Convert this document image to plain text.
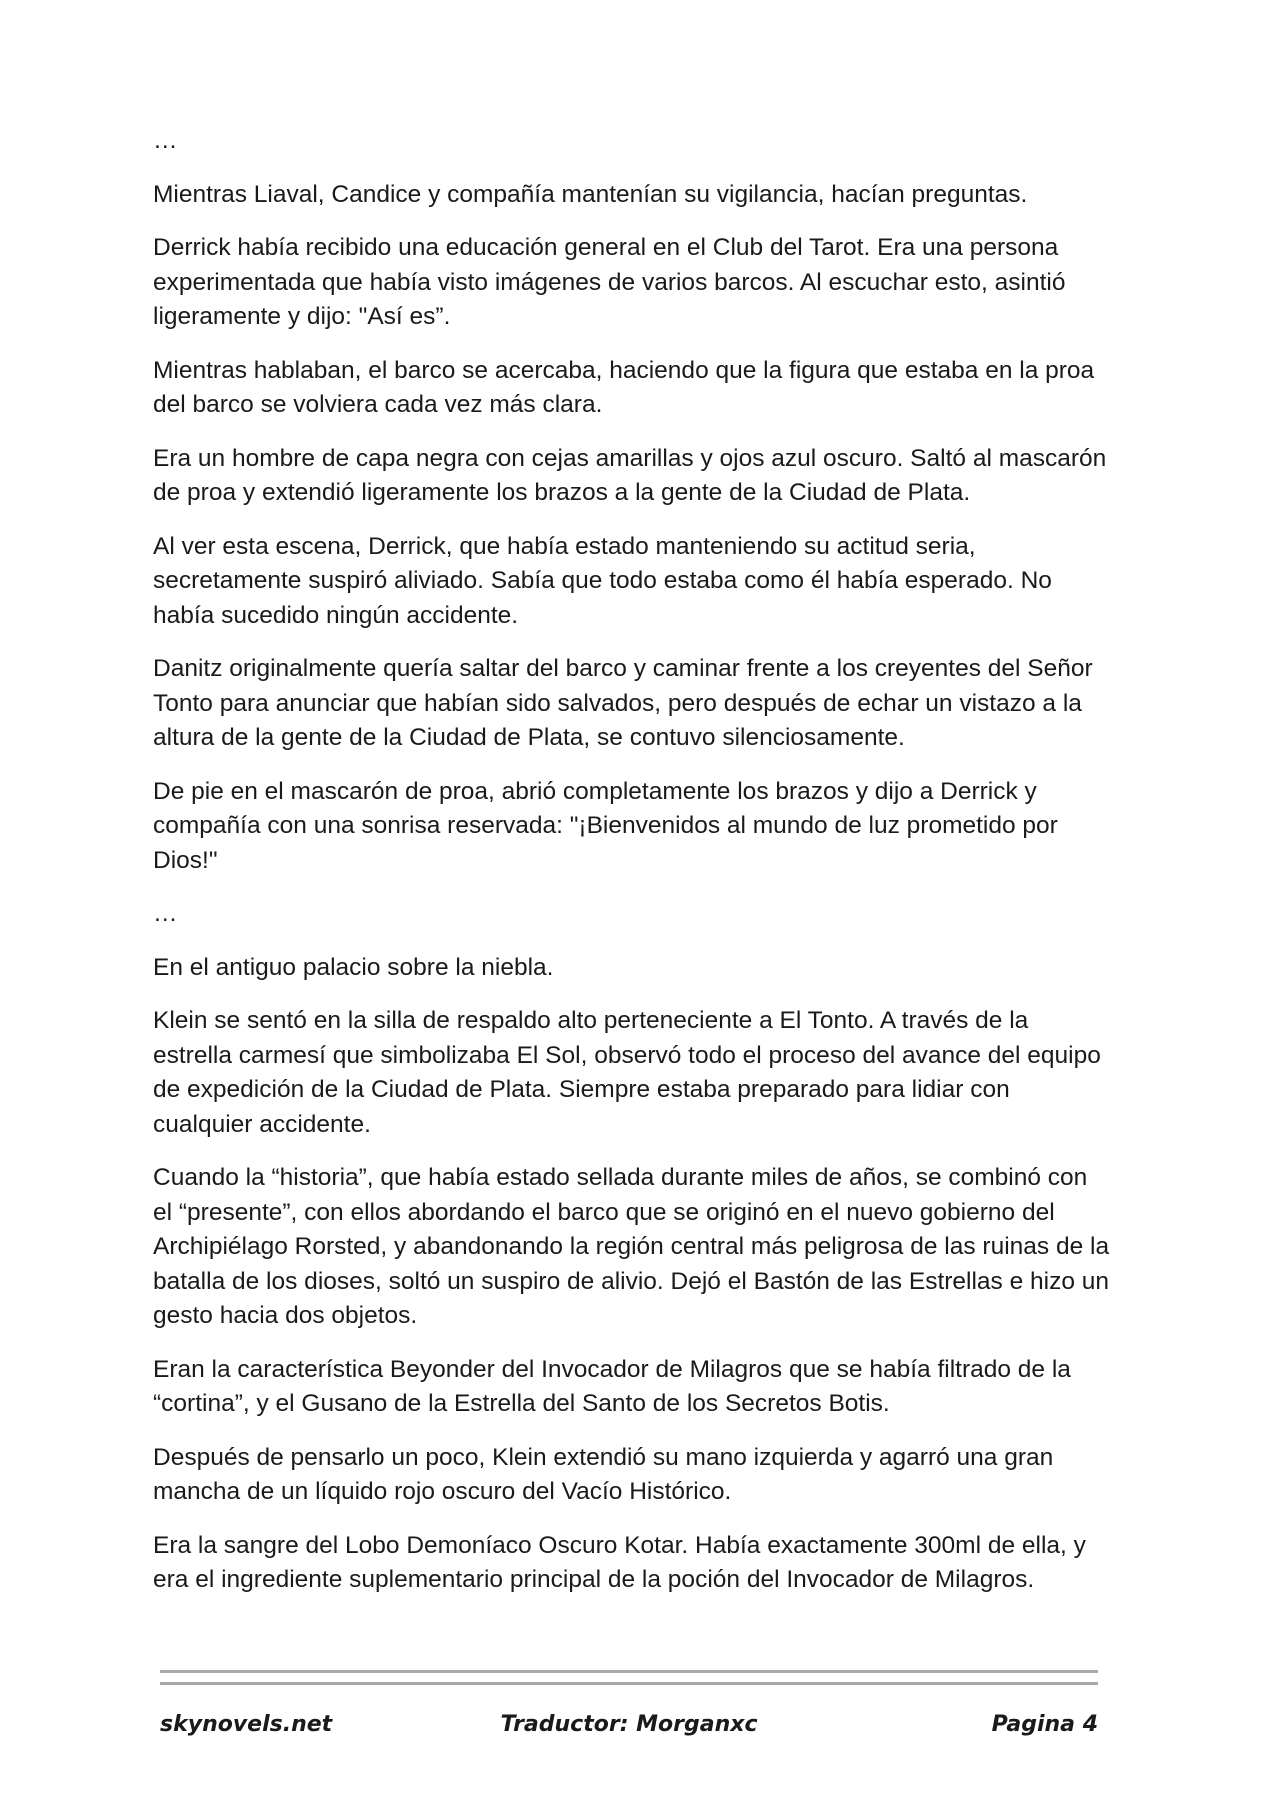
…

Mientras Liaval, Candice y compañía mantenían su vigilancia, hacían preguntas.

Derrick había recibido una educación general en el Club del Tarot. Era una persona experimentada que había visto imágenes de varios barcos. Al escuchar esto, asintió ligeramente y dijo: "Así es”.

Mientras hablaban, el barco se acercaba, haciendo que la figura que estaba en la proa del barco se volviera cada vez más clara.

Era un hombre de capa negra con cejas amarillas y ojos azul oscuro. Saltó al mascarón de proa y extendió ligeramente los brazos a la gente de la Ciudad de Plata.

Al ver esta escena, Derrick, que había estado manteniendo su actitud seria, secretamente suspiró aliviado. Sabía que todo estaba como él había esperado. No había sucedido ningún accidente.

Danitz originalmente quería saltar del barco y caminar frente a los creyentes del Señor Tonto para anunciar que habían sido salvados, pero después de echar un vistazo a la altura de la gente de la Ciudad de Plata, se contuvo silenciosamente.

De pie en el mascarón de proa, abrió completamente los brazos y dijo a Derrick y compañía con una sonrisa reservada: "¡Bienvenidos al mundo de luz prometido por Dios!"

…

En el antiguo palacio sobre la niebla.

Klein se sentó en la silla de respaldo alto perteneciente a El Tonto. A través de la estrella carmesí que simbolizaba El Sol, observó todo el proceso del avance del equipo de expedición de la Ciudad de Plata. Siempre estaba preparado para lidiar con cualquier accidente.

Cuando la “historia”, que había estado sellada durante miles de años, se combinó con el “presente”, con ellos abordando el barco que se originó en el nuevo gobierno del Archipiélago Rorsted, y abandonando la región central más peligrosa de las ruinas de la batalla de los dioses, soltó un suspiro de alivio. Dejó el Bastón de las Estrellas e hizo un gesto hacia dos objetos.

Eran la característica Beyonder del Invocador de Milagros que se había filtrado de la “cortina”, y el Gusano de la Estrella del Santo de los Secretos Botis.

Después de pensarlo un poco, Klein extendió su mano izquierda y agarró una gran mancha de un líquido rojo oscuro del Vacío Histórico.

Era la sangre del Lobo Demoníaco Oscuro Kotar. Había exactamente 300ml de ella, y era el ingrediente suplementario principal de la poción del Invocador de Milagros.

skynovels.net	Traductor: Morganxc	Pagina 4
